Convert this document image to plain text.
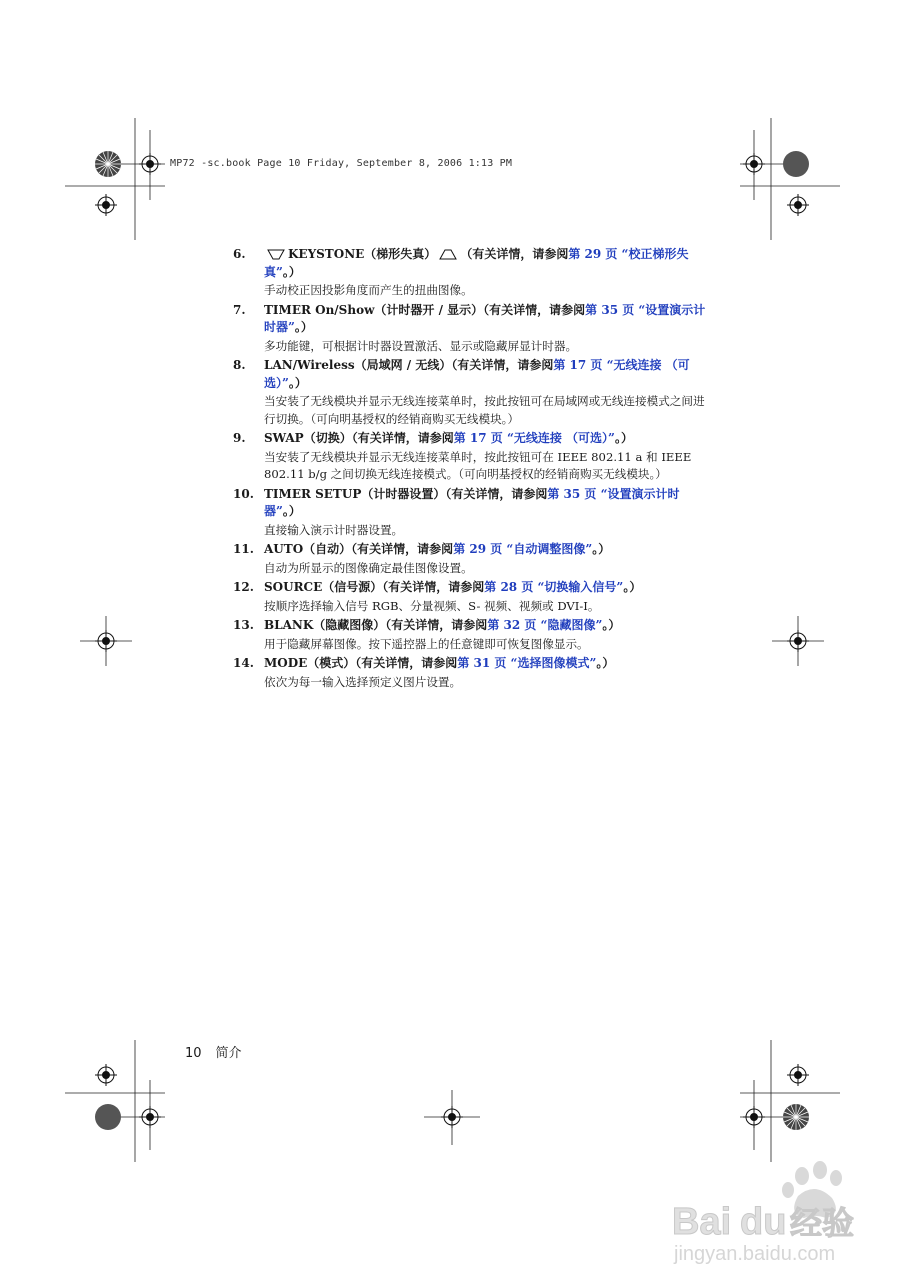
MP72 -sc.book Page 10 Friday, September 8, 2006 1:13 PM
6.	KEYSTONE（梯形失真） （有关详情，请参阅第 29 页 “校正梯形失真”。）
手动校正因投影角度而产生的扭曲图像。
7. TIMER On/Show（计时器开 / 显示）（有关详情，请参阅第 35 页 “设置演示计时器”。）
多功能键，可根据计时器设置激活、显示或隐藏屏显计时器。
8. LAN/Wireless（局域网 / 无线）（有关详情，请参阅第 17 页 “无线连接 （可选）”。）
当安装了无线模块并显示无线连接菜单时，按此按钮可在局域网或无线连接模式之间进行切换。（可向明基授权的经销商购买无线模块。）
9. SWAP（切换）（有关详情，请参阅第 17 页 “无线连接 （可选）”。）
当安装了无线模块并显示无线连接菜单时，按此按钮可在 IEEE 802.11 a 和 IEEE 802.11 b/g 之间切换无线连接模式。（可向明基授权的经销商购买无线模块。）
10. TIMER SETUP（计时器设置）（有关详情，请参阅第 35 页 “设置演示计时器”。）
直接输入演示计时器设置。
11. AUTO（自动）（有关详情，请参阅第 29 页 “自动调整图像”。）
自动为所显示的图像确定最佳图像设置。
12. SOURCE（信号源）（有关详情，请参阅第 28 页 “切换输入信号”。）
按顺序选择输入信号 RGB、分量视频、S- 视频、视频或 DVI-I。
13. BLANK（隐藏图像）（有关详情，请参阅第 32 页 “隐藏图像”。）
用于隐藏屏幕图像。按下遥控器上的任意键即可恢复图像显示。
14. MODE（模式）（有关详情，请参阅第 31 页 “选择图像模式”。）
依次为每一输入选择预定义图片设置。
10 简介
Bai du 经验
jingyan.baidu.com
